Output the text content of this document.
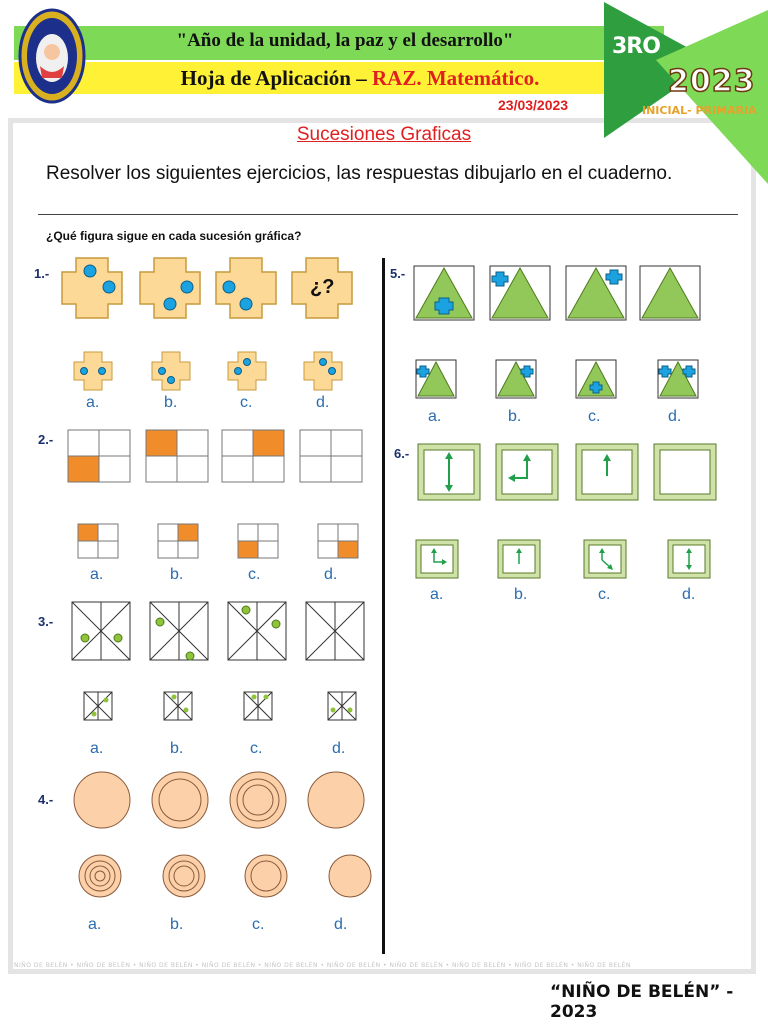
NIÑO DE BELÉN • NIÑO DE BELÉN • NIÑO DE BELÉN • NIÑO DE BELÉN • NIÑO DE BELÉN • NIÑO DE BELÉN • NIÑO DE BELÉN • NIÑO DE BELÉN • NIÑO DE BELÉN • NIÑO DE BELÉN
"Año de la unidad, la paz y el desarrollo"
Hoja de Aplicación – RAZ. Matemático.
23/03/2023
3RO
2023
INICIAL- PRIMARIA
Sucesiones Graficas
Resolver los siguientes ejercicios, las respuestas dibujarlo en el cuaderno.
¿Qué figura sigue en cada sucesión gráfica?
1.-
2.-
3.-
4.-
5.-
6.-
¿?
a.	b.	c.	d.
a.	b.	c.	d.
a.	b.	c.	d.
a.	b.	c.	d.
a.	b.	c.	d.
a.	b.	c.	d.
“NIÑO DE BELÉN” - 2023
